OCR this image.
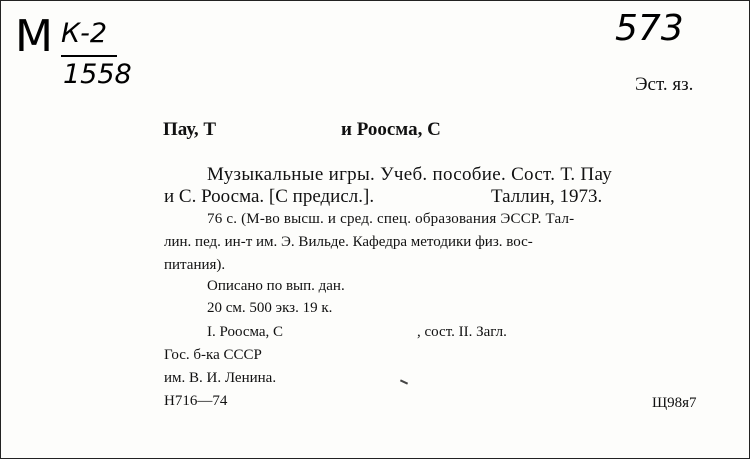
М К-2
1558
573
Эст. яз.
Пау, Т	и Роосма, С
Музыкальные игры. Учеб. пособие. Сост. Т. Пау
и С. Роосма. [С предисл.].	Таллин, 1973.
76 с. (М-во высш. и сред. спец. образования ЭССР. Тал-
лин. пед. ин-т им. Э. Вильде. Кафедра методики физ. вос-
питания).
Описано по вып. дан.
20 см. 500 экз. 19 к.
I. Роосма, С	, сост. II. Загл.
Гос. б-ка СССР
им. В. И. Ленина.
Н716—74	Щ98я7
